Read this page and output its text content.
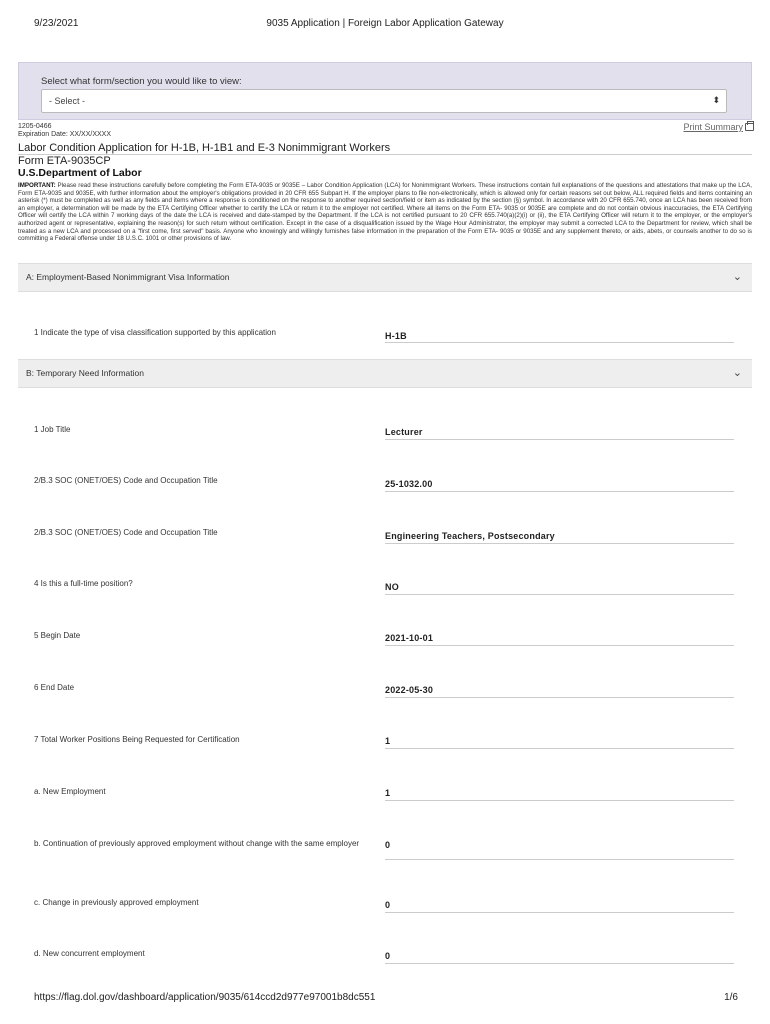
9/23/2021	9035 Application | Foreign Labor Application Gateway
Select what form/section you would like to view:
- Select -	⬍
1205-0466
Expiration Date: XX/XX/XXXX
Print Summary
Labor Condition Application for H-1B, H-1B1 and E-3 Nonimmigrant Workers
Form ETA-9035CP
U.S.Department of Labor
IMPORTANT: Please read these instructions carefully before completing the Form ETA-9035 or 9035E – Labor Condition Application (LCA) for Nonimmigrant Workers. These instructions contain full explanations of the questions and attestations that make up the LCA, Form ETA-9035 and 9035E, with further information about the employer's obligations provided in 20 CFR 655 Subpart H. If the employer plans to file non-electronically, which is allowed only for certain reasons set out below, ALL required fields and items containing an asterisk (*) must be completed as well as any fields and items where a response is conditioned on the response to another required section/field or item as indicated by the section (§) symbol. In accordance with 20 CFR 655.740, once an LCA has been received from an employer, a determination will be made by the ETA Certifying Officer whether to certify the LCA or return it to the employer not certified. Where all items on the Form ETA- 9035 or 9035E are complete and do not contain obvious inaccuracies, the ETA Certifying Officer will certify the LCA within 7 working days of the date the LCA is received and date-stamped by the Department. If the LCA is not certified pursuant to 20 CFR 655.740(a)(2)(i) or (ii), the ETA Certifying Officer will return it to the employer, or the employer's authorized agent or representative, explaining the reason(s) for such return without certification. Except in the case of a disqualification issued by the Wage Hour Administrator, the employer may submit a corrected LCA to the Department for review, which shall be treated as a new LCA and processed on a "first come, first served" basis. Anyone who knowingly and willingly furnishes false information in the preparation of the Form ETA- 9035 or 9035E and any supplement thereto, or aids, abets, or counsels another to do so is committing a Federal offense under 18 U.S.C. 1001 or other provisions of law.
A: Employment-Based Nonimmigrant Visa Information	⌄
1 Indicate the type of visa classification supported by this application	H-1B
B: Temporary Need Information	⌄
1 Job Title	Lecturer
2/B.3 SOC (ONET/OES) Code and Occupation Title	25-1032.00
2/B.3 SOC (ONET/OES) Code and Occupation Title	Engineering Teachers, Postsecondary
4 Is this a full-time position?	NO
5 Begin Date	2021-10-01
6 End Date	2022-05-30
7 Total Worker Positions Being Requested for Certification	1
a. New Employment	1
b. Continuation of previously approved employment without change with the same employer	0
c. Change in previously approved employment	0
d. New concurrent employment	0
https://flag.dol.gov/dashboard/application/9035/614ccd2d977e97001b8dc551	1/6
